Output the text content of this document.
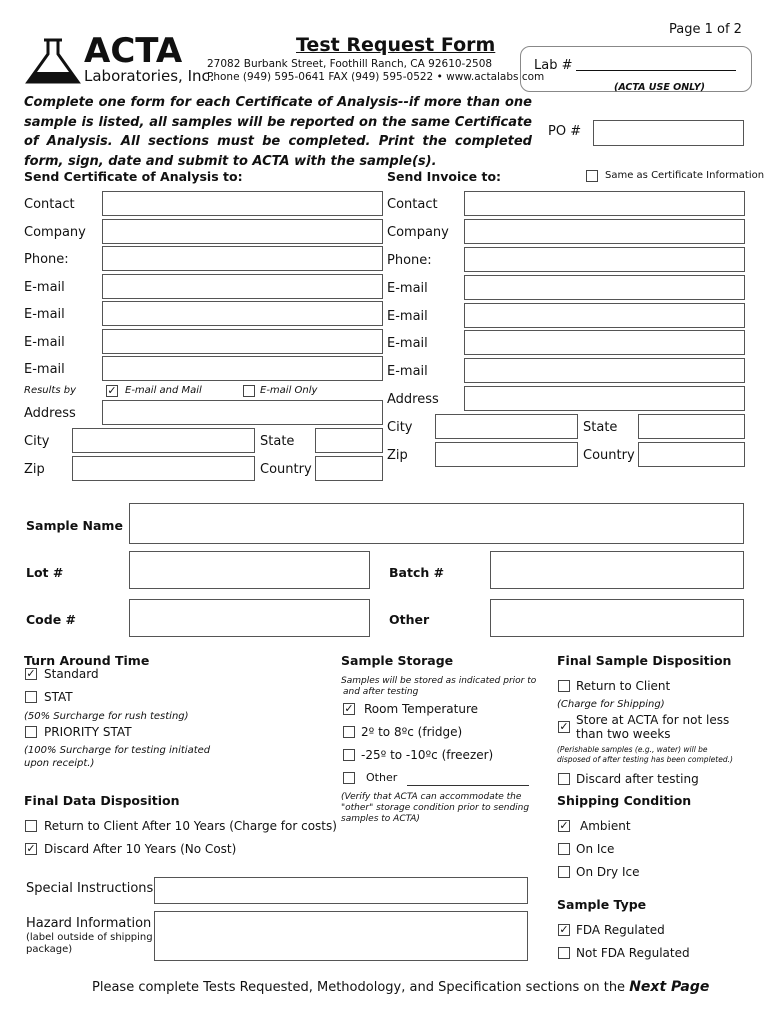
Page 1 of 2
ACTA
Laboratories, Inc.
Test Request Form
27082 Burbank Street, Foothill Ranch, CA 92610-2508
Phone (949) 595-0641 FAX (949) 595-0522 • www.actalabs com
Lab #
(ACTA USE ONLY)
Complete one form for each Certificate of Analysis--if more than one sample is listed, all samples will be reported on the same Certificate of Analysis. All sections must be completed. Print the completed form, sign, date and submit to ACTA with the sample(s).
PO #
Send Certificate of Analysis to:
Contact
Company
Phone:
E-mail
E-mail
E-mail
E-mail
Results by	✓ E-mail and Mail	E-mail Only
Address
City	State
Zip	Country
Send Invoice to:	Same as Certificate Information
Contact
Company
Phone:
E-mail
E-mail
E-mail
E-mail
Address
City	State
Zip	Country
Sample Name
Lot #	Batch #
Code #	Other
Turn Around Time
✓ Standard
STAT
(50% Surcharge for rush testing)
PRIORITY STAT
(100% Surcharge for testing initiated
upon receipt.)
Sample Storage
Samples will be stored as indicated prior to
and after testing
✓ Room Temperature
2º to 8ºc (fridge)
-25º to -10ºc (freezer)
Other
(Verify that ACTA can accommodate the
"other" storage condition prior to sending
samples to ACTA)
Final Sample Disposition
Return to Client
(Charge for Shipping)
✓ Store at ACTA for not less
than two weeks
(Perishable samples (e.g., water) will be
disposed of after testing has been completed.)
Discard after testing
Final Data Disposition
Return to Client After 10 Years (Charge for costs)
✓ Discard After 10 Years (No Cost)
Shipping Condition
✓ Ambient
On Ice
On Dry Ice
Special Instructions
Hazard Information
(label outside of shipping
package)
Sample Type
✓ FDA Regulated
Not FDA Regulated
Please complete Tests Requested, Methodology, and Specification sections on the Next Page
